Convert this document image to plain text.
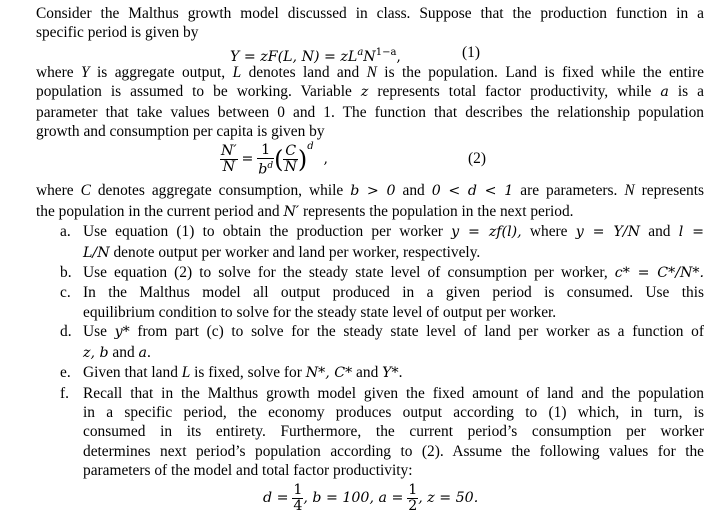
Consider the Malthus growth model discussed in class. Suppose that the production function in a
specific period is given by
Y = zF(L, $N) = zL^aN^{1-a}$,	(1)
where Y is aggregate output, L denotes land and N is the population. Land is fixed while the entire
population is assumed to be working. Variable z represents total factor productivity, while a is a
parameter that take values between 0 and 1. The function that describes the relationship population
growth and consumption per capita is given by
$\frac{N'}{N} = \frac{1}{b^d}$ ( $\frac{C}{N} )^d$ ,	(2)
where C denotes aggregate consumption, while b > 0 and 0 < d < 1 are parameters. N represents
the population in the current period and N′ represents the population in the next period.
a. Use equation (1) to obtain the production per worker y = zf(l), where y = Y/N and l =
L/N denote output per worker and land per worker, respectively.
b. Use equation (2) to solve for the steady state level of consumption per worker, c* = C*/N*.
c. In the Malthus model all output produced in a given period is consumed. Use this
equilibrium condition to solve for the steady state level of output per worker.
d. Use y* from part (c) to solve for the steady state level of land per worker as a function of
z, b and a.
e. Given that land L is fixed, solve for N*, C* and Y*.
f. Recall that in the Malthus growth model given the fixed amount of land and the population
in a specific period, the economy produces output according to (1) which, in turn, is
consumed in its entirety. Furthermore, the current period’s consumption per worker
determines next period’s population according to (2). Assume the following values for the
parameters of the model and total factor productivity:
$d = \frac{1}{4}$ , b = 100, $a = \frac{1}{2}$ , z = 50.
